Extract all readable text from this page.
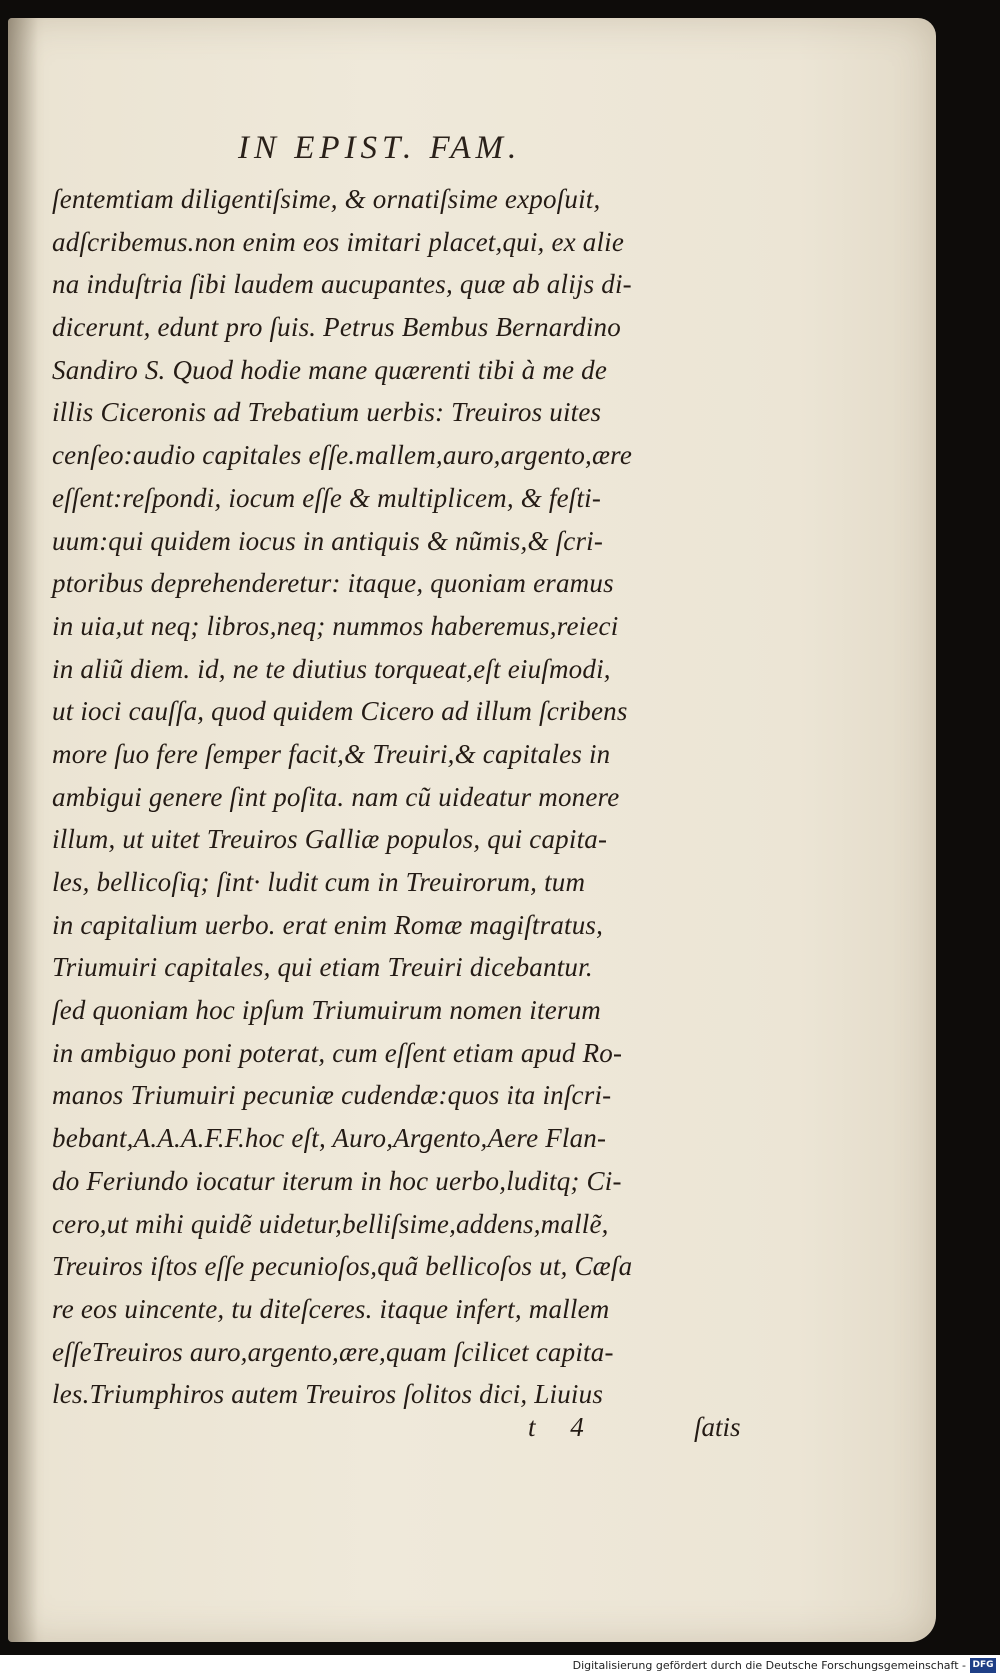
IN EPIST. FAM.
ſentemtiam diligentiſsime, & ornatiſsime expoſuit,
adſcribemus.non enim eos imitari placet,qui, ex alie
na induſtria ſibi laudem aucupantes, quæ ab aliјs di-
dicerunt, edunt pro ſuis. Petrus Bembus Bernardino
Sandiro S. Quod hodie mane quærenti tibi à me de
illis Ciceronis ad Trebatium uerbis: Treuiros uites
cenſeo:audio capitales eſſe.mallem,auro,argento,ære
eſſent:reſpondi, iocum eſſe & multiplicem, & feſti-
uum:qui quidem iocus in antiquis & nũmis,& ſcri-
ptoribus deprehenderetur: itaque, quoniam eramus
in uia,ut neq; libros,neq; nummos haberemus,reieci
in aliũ diem. id, ne te diutius torqueat,eſt eiuſmodi,
ut ioci cauſſa, quod quidem Cicero ad illum ſcribens
more ſuo fere ſemper facit,& Treuiri,& capitales in
ambigui genere ſint poſita. nam cũ uideatur monere
illum, ut uitet Treuiros Galliæ populos, qui capita-
les, bellicoſiq; ſint· ludit cum in Treuirorum, tum
in capitalium uerbo. erat enim Romæ magiſtratus,
Triumuiri capitales, qui etiam Treuiri dicebantur.
ſed quoniam hoc ipſum Triumuirum nomen iterum
in ambiguo poni poterat, cum eſſent etiam apud Ro-
manos Triumuiri pecuniæ cudendæ:quos ita inſcri-
bebant,A.A.A.F.F.hoc eſt, Auro,Argento,Aere Flan-
do Feriundo iocatur iterum in hoc uerbo,luditq; Ci-
cero,ut mihi quidẽ uidetur,belliſsime,addens,mallẽ,
Treuiros iſtos eſſe pecunioſos,quã bellicoſos ut, Cæſa
re eos uincente, tu diteſceres. itaque infert, mallem
eſſeTreuiros auro,argento,ære,quam ſcilicet capita-
les.Triumphiros autem Treuiros ſolitos dici, Liuius
t 4	ſatis
Digitalisierung gefördert durch die Deutsche Forschungsgemeinschaft - DFG
